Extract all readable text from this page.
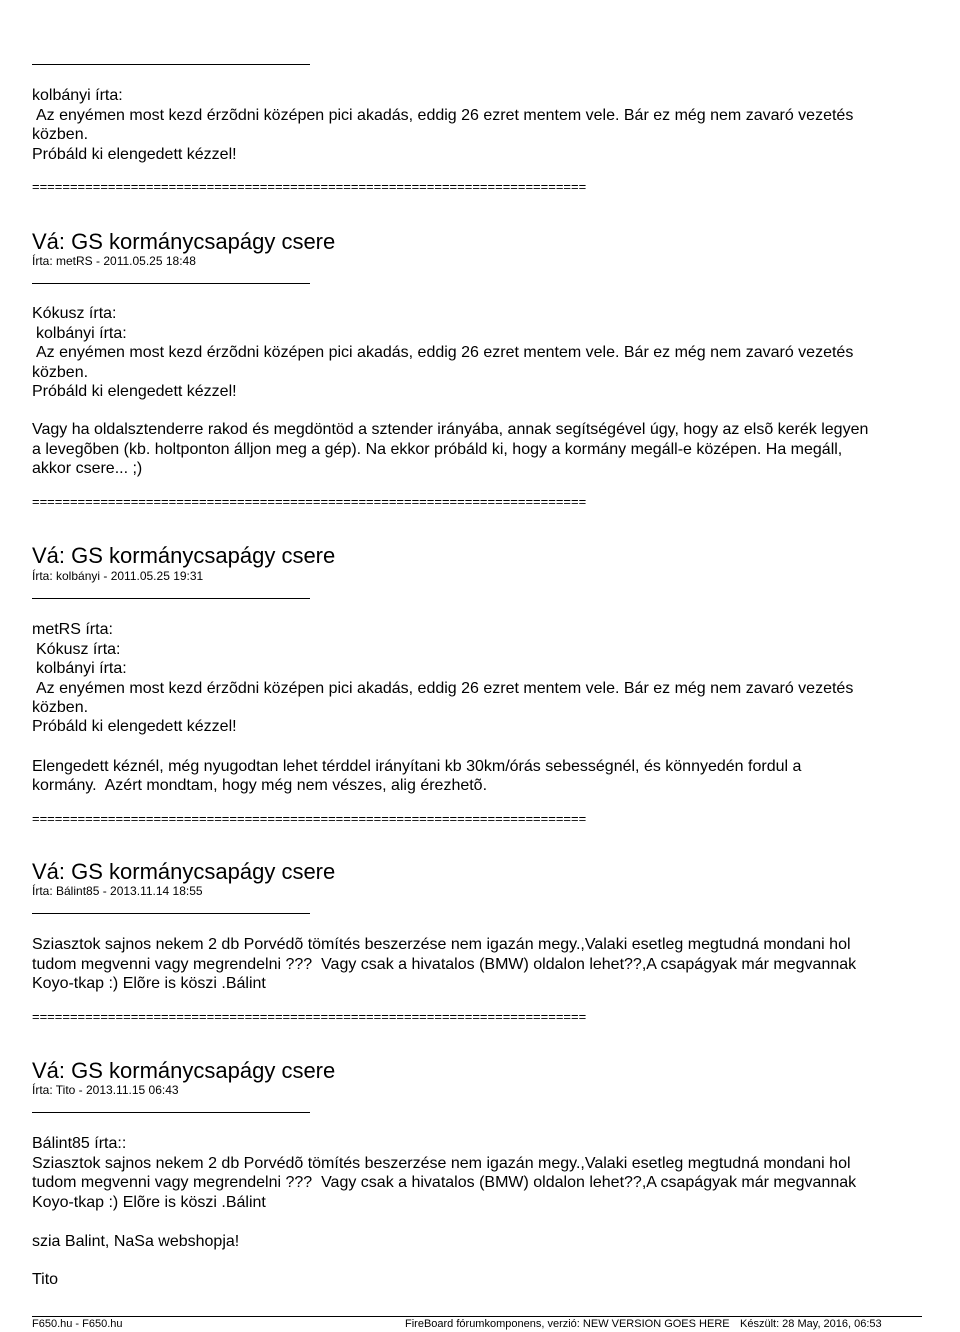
kolbányi írta:
Az enyémen most kezd érzõdni középen pici akadás, eddig 26 ezret mentem vele. Bár ez még nem zavaró vezetés
közben.
Próbáld ki elengedett kézzel!
=========================================================================
Vá: GS kormánycsapágy csere
Írta: metRS - 2011.05.25 18:48
Kókusz írta:
kolbányi írta:
Az enyémen most kezd érzõdni középen pici akadás, eddig 26 ezret mentem vele. Bár ez még nem zavaró vezetés
közben.
Próbáld ki elengedett kézzel!
Vagy ha oldalsztenderre rakod és megdöntöd a sztender irányába, annak segítségével úgy, hogy az elsõ kerék legyen
a levegõben (kb. holtponton álljon meg a gép). Na ekkor próbáld ki, hogy a kormány megáll-e középen. Ha megáll,
akkor csere... ;)
=========================================================================
Vá: GS kormánycsapágy csere
Írta: kolbányi - 2011.05.25 19:31
metRS írta:
Kókusz írta:
kolbányi írta:
Az enyémen most kezd érzõdni középen pici akadás, eddig 26 ezret mentem vele. Bár ez még nem zavaró vezetés
közben.
Próbáld ki elengedett kézzel!
Elengedett kéznél, még nyugodtan lehet térddel irányítani kb 30km/órás sebességnél, és könnyedén fordul a
kormány.  Azért mondtam, hogy még nem vészes, alig érezhetõ.
=========================================================================
Vá: GS kormánycsapágy csere
Írta: Bálint85 - 2013.11.14 18:55
Sziasztok sajnos nekem 2 db Porvédõ tömítés beszerzése nem igazán megy.,Valaki esetleg megtudná mondani hol
tudom megvenni vagy megrendelni ???  Vagy csak a hivatalos (BMW) oldalon lehet??,A csapágyak már megvannak
Koyo-tkap :) Elõre is köszi .Bálint
=========================================================================
Vá: GS kormánycsapágy csere
Írta: Tito - 2013.11.15 06:43
Bálint85 írta::
Sziasztok sajnos nekem 2 db Porvédõ tömítés beszerzése nem igazán megy.,Valaki esetleg megtudná mondani hol
tudom megvenni vagy megrendelni ???  Vagy csak a hivatalos (BMW) oldalon lehet??,A csapágyak már megvannak
Koyo-tkap :) Elõre is köszi .Bálint
szia Balint, NaSa webshopja!
Tito
F650.hu - F650.hu	FireBoard fórumkomponens, verzió: NEW VERSION GOES HERE Készült: 28 May, 2016, 06:53
